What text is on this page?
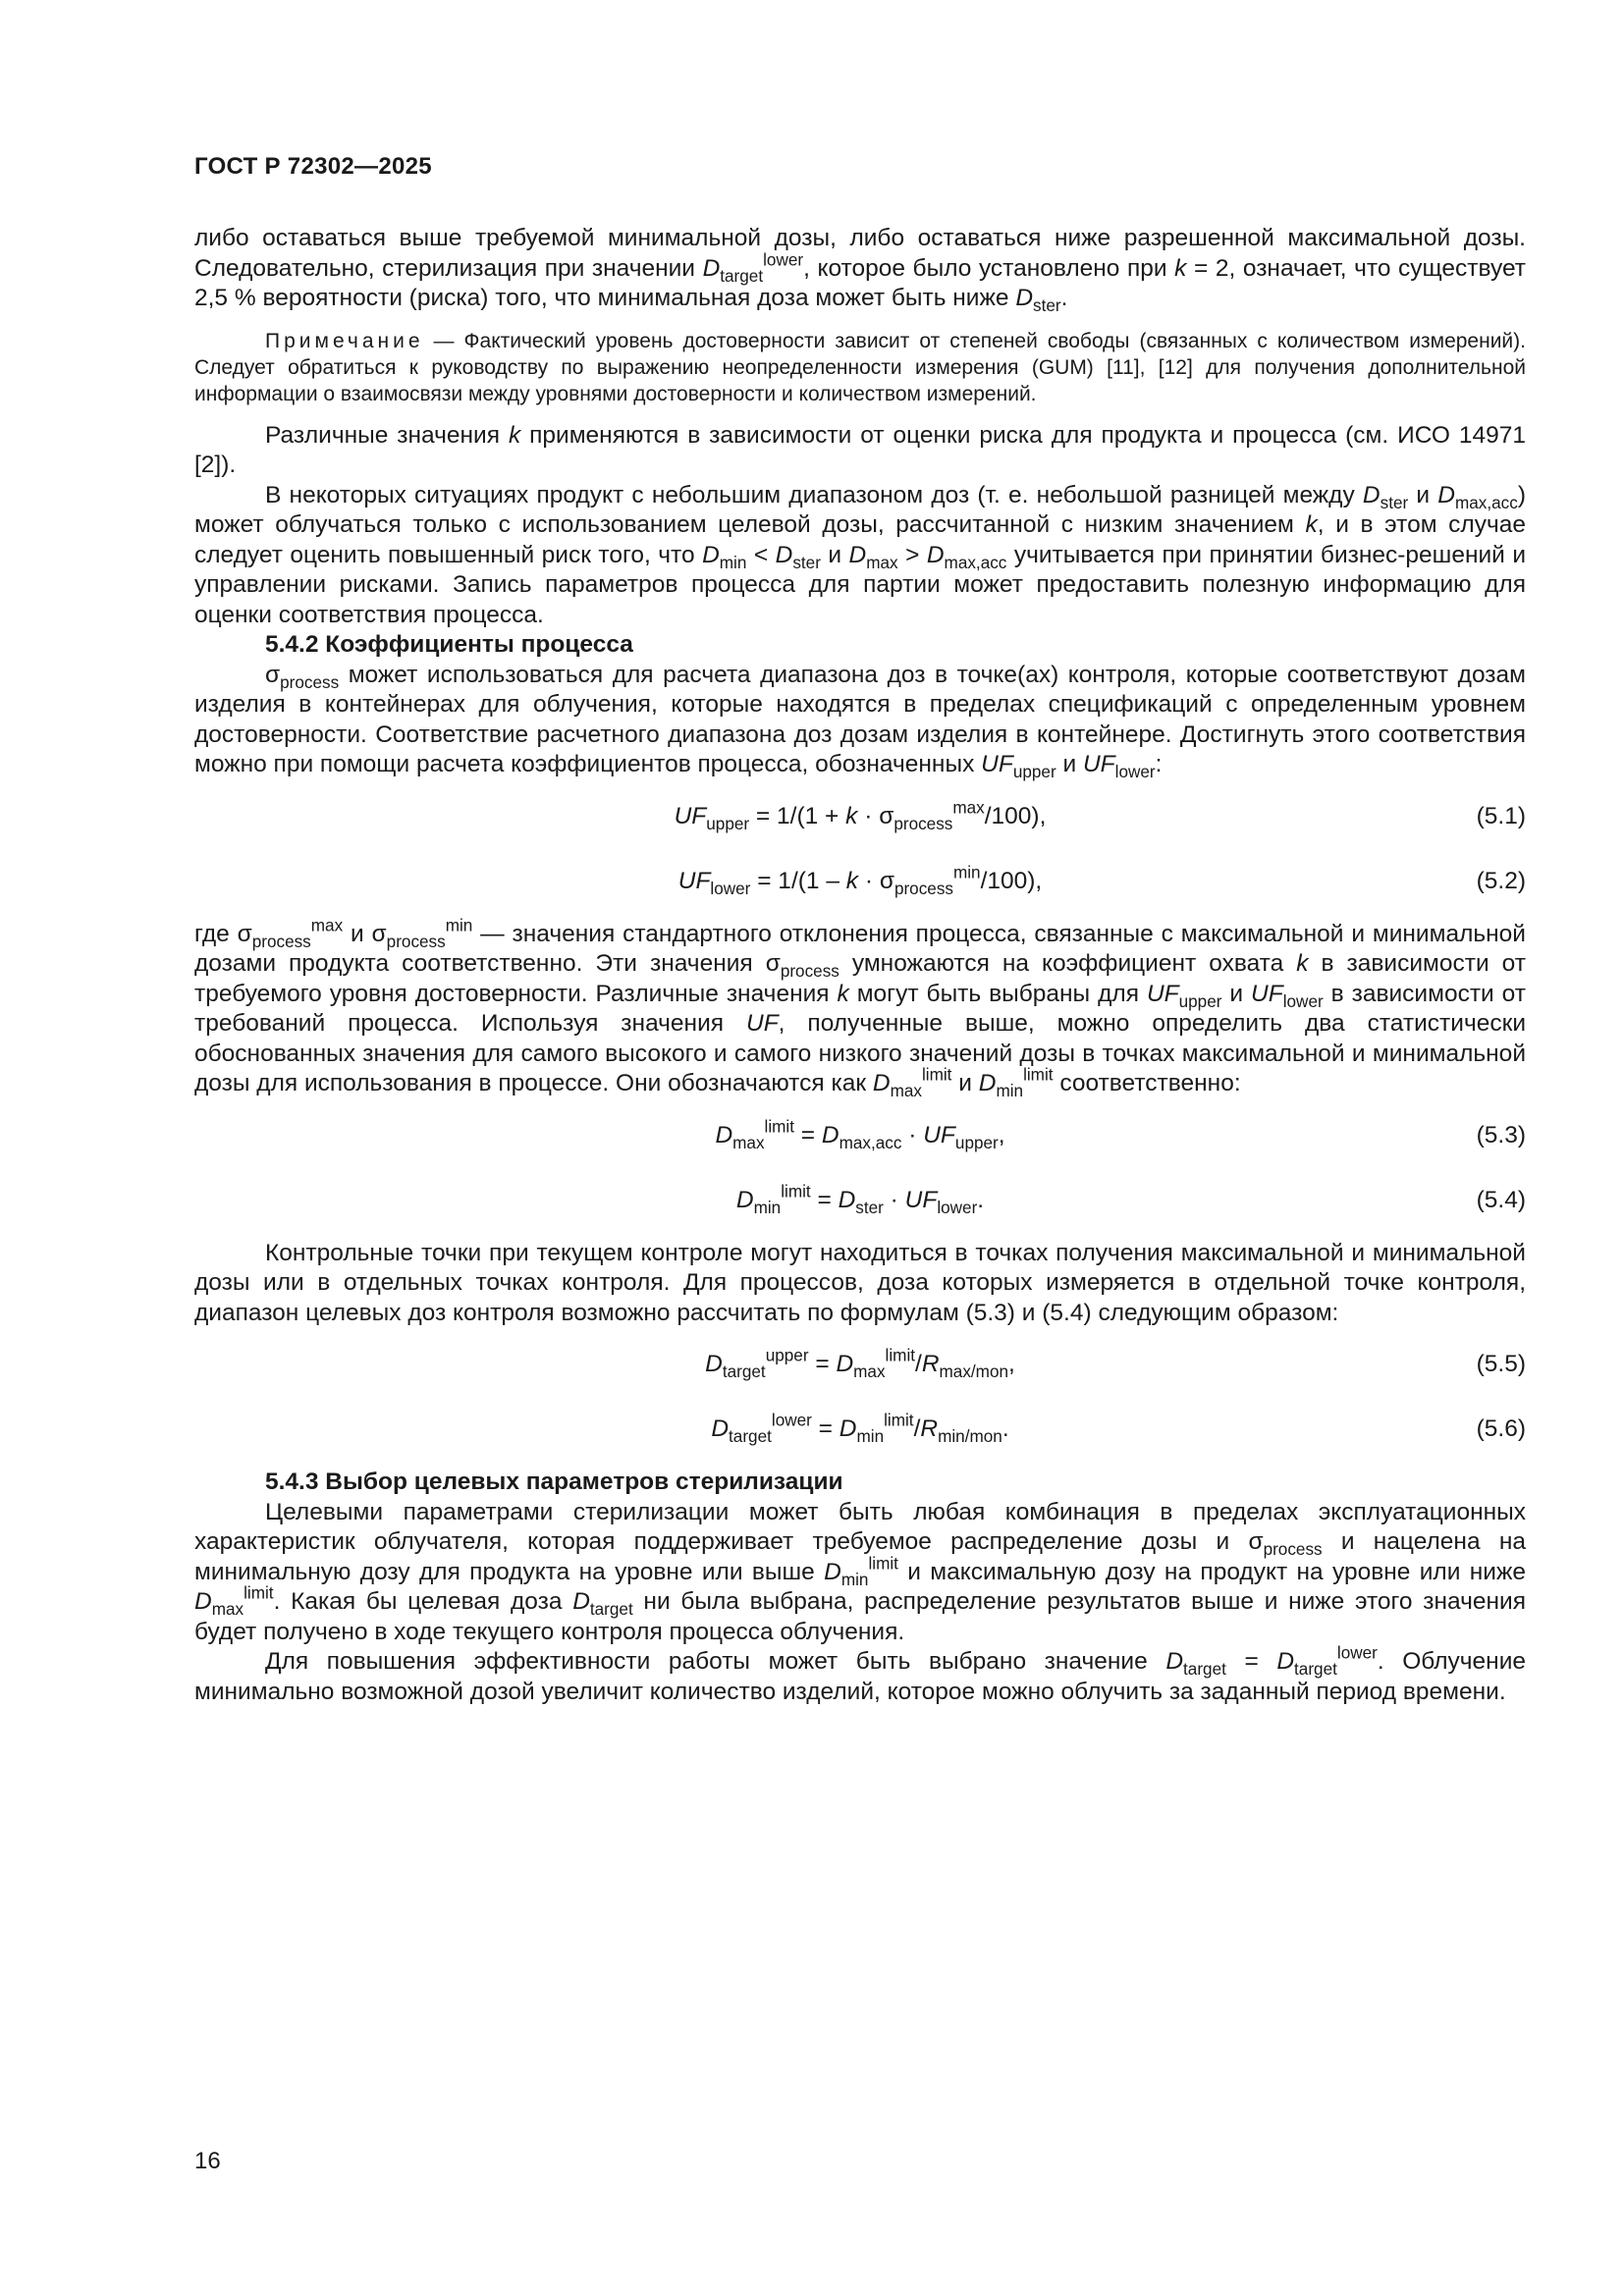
ГОСТ Р 72302—2025

либо оставаться выше требуемой минимальной дозы, либо оставаться ниже разрешенной максимальной дозы. Следовательно, стерилизация при значении $D_{target}^{lower}$, которое было установлено при k = 2, означает, что существует 2,5 % вероятности (риска) того, что минимальная доза может быть ниже $D_{ster}$.

Примечание — Фактический уровень достоверности зависит от степеней свободы (связанных с количеством измерений). Следует обратиться к руководству по выражению неопределенности измерения (GUM) [11], [12] для получения дополнительной информации о взаимосвязи между уровнями достоверности и количеством измерений.

Различные значения k применяются в зависимости от оценки риска для продукта и процесса (см. ИСО 14971 [2]).

В некоторых ситуациях продукт с небольшим диапазоном доз (т. е. небольшой разницей между $D_{ster}$ и $D_{max,acc}$) может облучаться только с использованием целевой дозы, рассчитанной с низким значением k, и в этом случае следует оценить повышенный риск того, что $D_{min} < D_{ster}$ и $D_{max} > D_{max,acc}$ учитывается при принятии бизнес-решений и управлении рисками. Запись параметров процесса для партии может предоставить полезную информацию для оценки соответствия процесса.

5.4.2 Коэффициенты процесса

$\sigma_{process}$ может использоваться для расчета диапазона доз в точке(ах) контроля, которые соответствуют дозам изделия в контейнерах для облучения, которые находятся в пределах спецификаций с определенным уровнем достоверности. Соответствие расчетного диапазона доз дозам изделия в контейнере. Достигнуть этого соответствия можно при помощи расчета коэффициентов процесса, обозначенных $UF_{upper}$ и $UF_{lower}$:

$UF_{upper} = 1/(1 + k \cdot \sigma_{process}^{max}/100)$,	(5.1)
$UF_{lower} = 1/(1 - k \cdot \sigma_{process}^{min}/100)$,	(5.2)

где $\sigma_{process}^{max}$ и $\sigma_{process}^{min}$ — значения стандартного отклонения процесса, связанные с максимальной и минимальной дозами продукта соответственно. Эти значения $\sigma_{process}$ умножаются на коэффициент охвата k в зависимости от требуемого уровня достоверности. Различные значения k могут быть выбраны для $UF_{upper}$ и $UF_{lower}$ в зависимости от требований процесса. Используя значения UF, полученные выше, можно определить два статистически обоснованных значения для самого высокого и самого низкого значений дозы в точках максимальной и минимальной дозы для использования в процессе. Они обозначаются как $D_{max}^{limit}$ и $D_{min}^{limit}$ соответственно:

$D_{max}^{limit} = D_{max,acc} \cdot UF_{upper}$,	(5.3)
$D_{min}^{limit} = D_{ster} \cdot UF_{lower}$.	(5.4)

Контрольные точки при текущем контроле могут находиться в точках получения максимальной и минимальной дозы или в отдельных точках контроля. Для процессов, доза которых измеряется в отдельной точке контроля, диапазон целевых доз контроля возможно рассчитать по формулам (5.3) и (5.4) следующим образом:

$D_{target}^{upper} = D_{max}^{limit}/R_{max/mon}$,	(5.5)
$D_{target}^{lower} = D_{min}^{limit}/R_{min/mon}$.	(5.6)

5.4.3 Выбор целевых параметров стерилизации

Целевыми параметрами стерилизации может быть любая комбинация в пределах эксплуатационных характеристик облучателя, которая поддерживает требуемое распределение дозы и $\sigma_{process}$ и нацелена на минимальную дозу для продукта на уровне или выше $D_{min}^{limit}$ и максимальную дозу на продукт на уровне или ниже $D_{max}^{limit}$. Какая бы целевая доза $D_{target}$ ни была выбрана, распределение результатов выше и ниже этого значения будет получено в ходе текущего контроля процесса облучения.

Для повышения эффективности работы может быть выбрано значение $D_{target} = D_{target}^{lower}$. Облучение минимально возможной дозой увеличит количество изделий, которое можно облучить за заданный период времени.

16
